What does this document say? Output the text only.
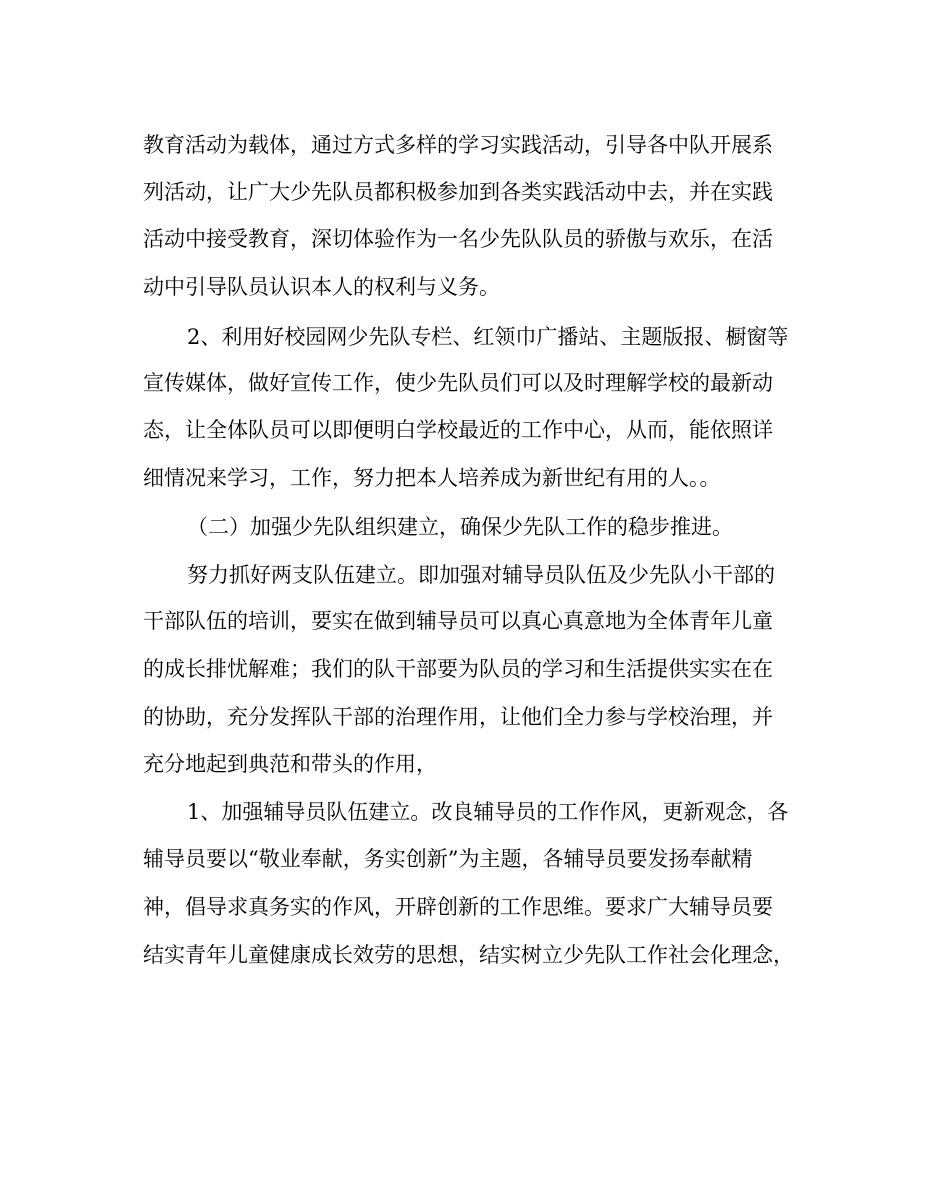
教育活动为载体，通过方式多样的学习实践活动，引导各中队开展系
列活动，让广大少先队员都积极参加到各类实践活动中去，并在实践
活动中接受教育，深切体验作为一名少先队队员的骄傲与欢乐，在活
动中引导队员认识本人的权利与义务。
2、利用好校园网少先队专栏、红领巾广播站、主题版报、橱窗等
宣传媒体，做好宣传工作，使少先队员们可以及时理解学校的最新动
态，让全体队员可以即便明白学校最近的工作中心，从而，能依照详
细情况来学习，工作，努力把本人培养成为新世纪有用的人。。
（二）加强少先队组织建立，确保少先队工作的稳步推进。
努力抓好两支队伍建立。即加强对辅导员队伍及少先队小干部的
干部队伍的培训，要实在做到辅导员可以真心真意地为全体青年儿童
的成长排忧解难；我们的队干部要为队员的学习和生活提供实实在在
的协助，充分发挥队干部的治理作用，让他们全力参与学校治理，并
充分地起到典范和带头的作用，
1、加强辅导员队伍建立。改良辅导员的工作作风，更新观念，各
辅导员要以“敬业奉献，务实创新”为主题，各辅导员要发扬奉献精
神，倡导求真务实的作风，开辟创新的工作思维。要求广大辅导员要
结实青年儿童健康成长效劳的思想，结实树立少先队工作社会化理念，
